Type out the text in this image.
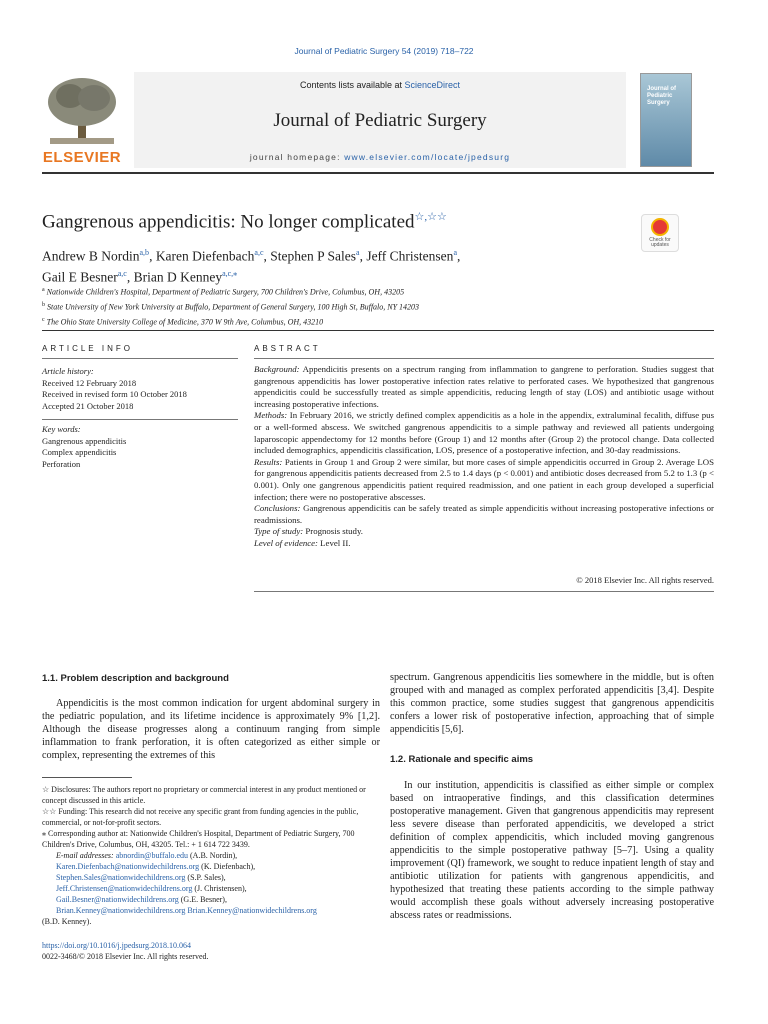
Journal of Pediatric Surgery 54 (2019) 718–722
ELSEVIER
Contents lists available at ScienceDirect
Journal of Pediatric Surgery
journal homepage: www.elsevier.com/locate/jpedsurg
Journal of Pediatric Surgery
Gangrenous appendicitis: No longer complicated☆,☆☆
Check for updates
Andrew B Nordin$^{a,b}$, Karen Diefenbach$^{a,c}$, Stephen P Sales$^a$, Jeff Christensen$^a$,
Gail E Besner$^{a,c}$, Brian D Kenney$^{a,c,⁎}$
$^a$ Nationwide Children's Hospital, Department of Pediatric Surgery, 700 Children's Drive, Columbus, OH, 43205
$^b$ State University of New York University at Buffalo, Department of General Surgery, 100 High St, Buffalo, NY 14203
$^c$ The Ohio State University College of Medicine, 370 W 9th Ave, Columbus, OH, 43210
ARTICLE INFO
Article history:
Received 12 February 2018
Received in revised form 10 October 2018
Accepted 21 October 2018
Key words:
Gangrenous appendicitis
Complex appendicitis
Perforation
ABSTRACT

Background: Appendicitis presents on a spectrum ranging from inflammation to gangrene to perforation. Studies suggest that gangrenous appendicitis has lower postoperative infection rates relative to perforated cases. We hypothesized that gangrenous appendicitis could be successfully treated as simple appendicitis, reducing length of stay (LOS) and antibiotic usage without increasing postoperative infections.

Methods: In February 2016, we strictly defined complex appendicitis as a hole in the appendix, extraluminal fecalith, diffuse pus or a well-formed abscess. We switched gangrenous appendicitis to a simple pathway and reviewed all patients undergoing laparoscopic appendectomy for 12 months before (Group 1) and 12 months after (Group 2) the protocol change. Data collected included demographics, appendicitis classification, LOS, presence of a postoperative infection, and 30-day readmissions.

Results: Patients in Group 1 and Group 2 were similar, but more cases of simple appendicitis occurred in Group 2. Average LOS for gangrenous appendicitis patients decreased from 2.5 to 1.4 days (p < 0.001) and antibiotic doses decreased from 5.2 to 1.3 (p < 0.001). Only one gangrenous appendicitis patient required readmission, and one patient in each group developed a superficial infection; there were no postoperative abscesses.

Conclusions: Gangrenous appendicitis can be safely treated as simple appendicitis without increasing postoperative infections or readmissions.

Type of study: Prognosis study.

Level of evidence: Level II.

© 2018 Elsevier Inc. All rights reserved.
1.1. Problem description and background

Appendicitis is the most common indication for urgent abdominal surgery in the pediatric population, and its lifetime incidence is approximately 9% [1,2]. Although the disease progresses along a continuum ranging from simple inflammation to frank perforation, it is often categorized as either simple or complex, representing the extremes of this

spectrum. Gangrenous appendicitis lies somewhere in the middle, but is often grouped with and managed as complex perforated appendicitis [3,4]. Despite this common practice, some studies suggest that gangrenous appendicitis confers a lower risk of postoperative infection, approaching that of simple appendicitis [5,6].

1.2. Rationale and specific aims

In our institution, appendicitis is classified as either simple or complex based on intraoperative findings, and this classification determines postoperative management. Given that gangrenous appendicitis may represent less severe disease than perforated appendicitis, we developed a strict definition of complex appendicitis, which included moving gangrenous appendicitis to the simple postoperative pathway [5–7]. Using a quality improvement (QI) framework, we sought to reduce inpatient length of stay and antibiotic utilization for patients with gangrenous appendicitis, and hypothesized that treating these patients according to the simple pathway would accomplish these goals without adversely increasing postoperative abscess rates or readmissions.

☆ Disclosures: The authors report no proprietary or commercial interest in any product mentioned or concept discussed in this article.
☆☆ Funding: This research did not receive any specific grant from funding agencies in the public, commercial, or not-for-profit sectors.
⁎ Corresponding author at: Nationwide Children's Hospital, Department of Pediatric Surgery, 700 Children's Drive, Columbus, OH, 43205. Tel.: + 1 614 722 3439.
E-mail addresses: abnordin@buffalo.edu (A.B. Nordin),
Karen.Diefenbach@nationwidechildrens.org (K. Diefenbach),
Stephen.Sales@nationwidechildrens.org (S.P. Sales),
Jeff.Christensen@nationwidechildrens.org (J. Christensen),
Gail.Besner@nationwidechildrens.org (G.E. Besner),
Brian.Kenney@nationwidechildrens.org Brian.Kenney@nationwidechildrens.org
(B.D. Kenney).
https://doi.org/10.1016/j.jpedsurg.2018.10.064
0022-3468/© 2018 Elsevier Inc. All rights reserved.
